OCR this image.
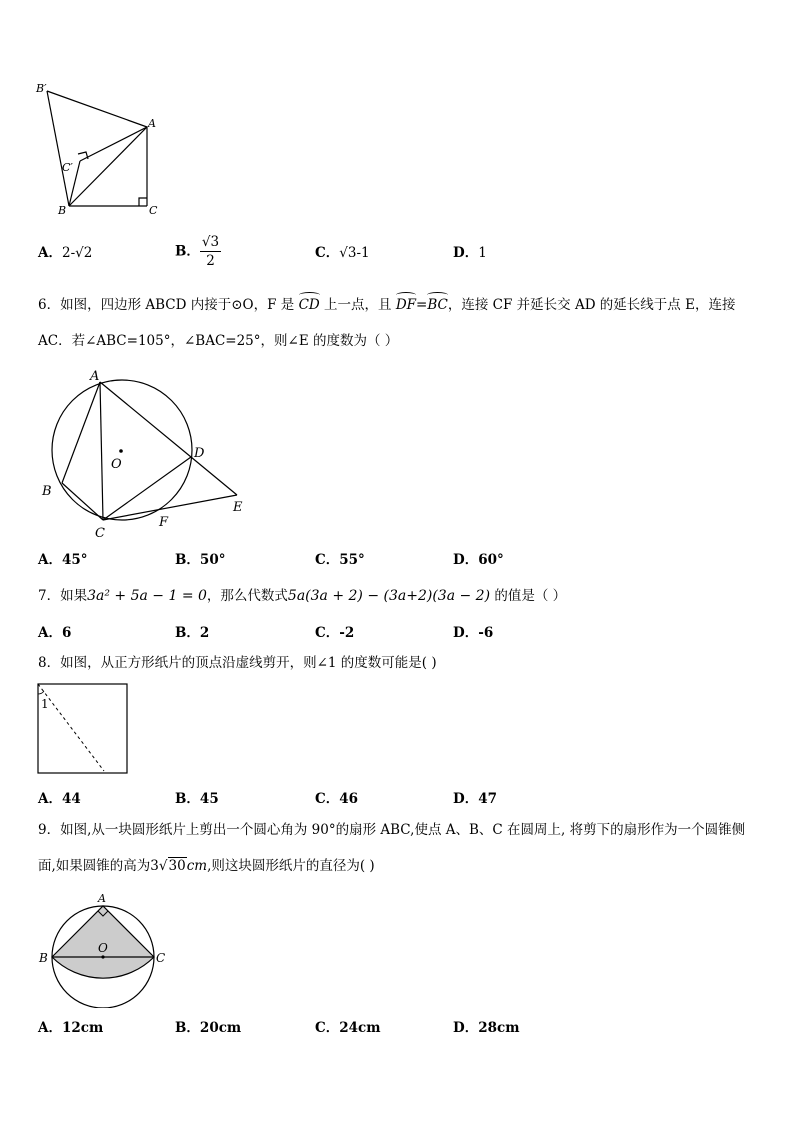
B′
A
C′
B	C
A．2-√2	B． $\frac{√3}{2}$	C．√3-1	D．1
6．如图，四边形 ABCD 内接于⊙O，F 是 CD 上一点，且 DF=BC，连接 CF 并延长交 AD 的延长线于点 E，连接
AC．若∠ABC=105°，∠BAC=25°，则∠E 的度数为（ ）
A
O
D
B
E
C
F
A．45°	B．50°	C．55°	D．60°
7．如果3a² + 5a − 1 = 0，那么代数式5a(3a + 2) − (3a+2)(3a − 2) 的值是（ ）
A．6	B．2	C．-2	D．-6
8．如图，从正方形纸片的顶点沿虚线剪开，则∠1 的度数可能是( )
1
A．44	B．45	C．46	D．47
9．如图,从一块圆形纸片上剪出一个圆心角为 90°的扇形 ABC,使点 A、B、C 在圆周上, 将剪下的扇形作为一个圆锥侧
面,如果圆锥的高为3√30cm,则这块圆形纸片的直径为( )
A
O
B	C
A．12cm	B．20cm	C．24cm	D．28cm
